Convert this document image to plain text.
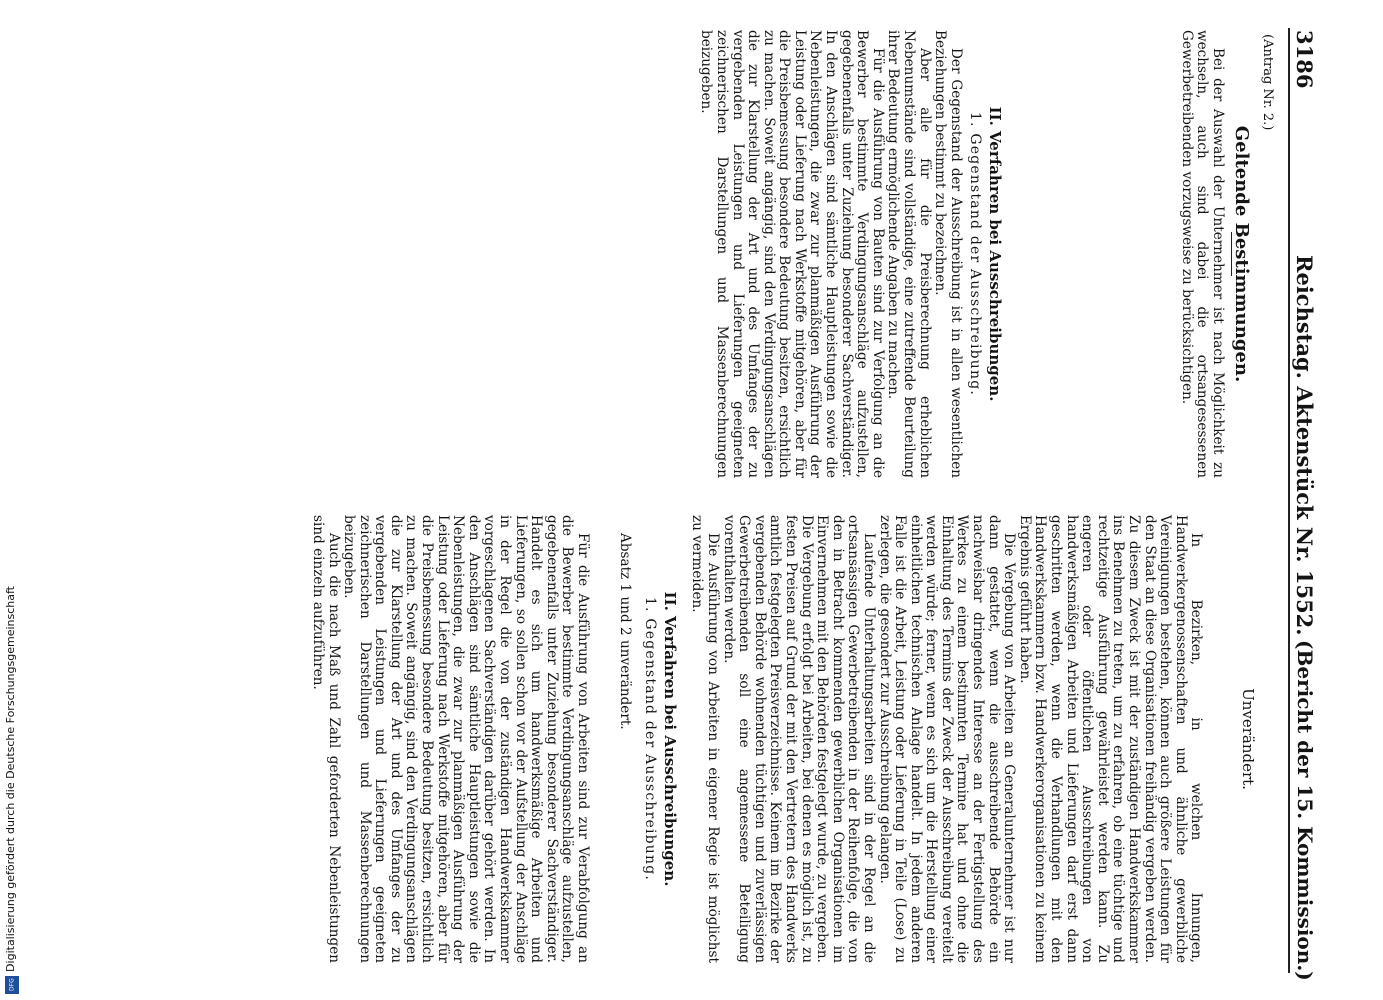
3186
Reichstag. Aktenstück Nr. 1552.
(Bericht der 15. Kommission.)
(Antrag Nr. 2.)
Geltende Bestimmungen.

Bei der Auswahl der Unternehmer ist nach Möglichkeit zu wechseln, auch sind dabei die ortsangesessenen Gewerbetreibenden vorzugsweise zu berücksichtigen.

II. Verfahren bei Ausschreibungen.
1. Gegenstand der Ausschreibung.

Der Gegenstand der Ausschreibung ist in allen wesentlichen Beziehungen bestimmt zu bezeichnen.

Aber alle für die Preisberechnung erheblichen Nebenumstände sind vollständige, eine zutreffende Beurteilung ihrer Bedeutung ermöglichende Angaben zu machen.

Für die Ausführung von Bauten sind zur Verfolgung an die Bewerber bestimmte Verdingungsanschläge aufzustellen, gegebenenfalls unter Zuziehung besonderer Sachverständiger. In den Anschlägen sind sämtliche Hauptleistungen sowie die Nebenleistungen, die zwar zur planmäßigen Ausführung der Leistung oder Lieferung nach Werkstoffe mitgehören, aber für die Preisbemessung besondere Bedeutung besitzen, ersichtlich zu machen. Soweit angängig, sind den Verdingungsanschlägen die zur Klarstellung der Art und des Umfanges der zu vergebenden Leistungen und Lieferungen geeigneten zeichnerischen Darstellungen und Massenberechnungen beizugeben.

Unverändert.

In Bezirken, in welchen Innungen, Handwerkergenossenschaften und ähnliche gewerbliche Vereinigungen bestehen, können auch größere Leistungen für den Staat an diese Organisationen freihändig vergeben werden. Zu diesem Zweck ist mit der zuständigen Handwerkskammer ins Benehmen zu treten, um zu erfahren, ob eine tüchtige und rechtzeitige Ausführung gewährleistet werden kann. Zu engeren oder öffentlichen Ausschreibungen von handwerksmäßigen Arbeiten und Lieferungen darf erst dann geschritten werden, wenn die Verhandlungen mit den Handwerkskammern bzw. Handwerkerorganisationen zu keinem Ergebnis geführt haben.

Die Vergebung von Arbeiten an Generalunternehmer ist nur dann gestattet, wenn die ausschreibende Behörde ein nachweisbar dringendes Interesse an der Fertigstellung des Werkes zu einem bestimmten Termine hat und ohne die Einhaltung des Termins der Zweck der Ausschreibung vereitelt werden würde; ferner, wenn es sich um die Herstellung einer einheitlichen technischen Anlage handelt. In jedem anderen Falle ist die Arbeit, Leistung oder Lieferung in Teile (Lose) zu zerlegen, die gesondert zur Ausschreibung gelangen.

Laufende Unterhaltungsarbeiten sind in der Regel an die ortsansässigen Gewerbetreibenden in der Reihenfolge, die von den in Betracht kommenden gewerblichen Organisationen im Einvernehmen mit den Behörden festgelegt wurde, zu vergeben. Die Vergebung erfolgt bei Arbeiten, bei denen es möglich ist, zu festen Preisen auf Grund der mit den Vertretern des Handwerks amtlich festgelegten Preisverzeichnisse. Keinem im Bezirke der vergebenden Behörde wohnenden tüchtigen und zuverlässigen Gewerbetreibenden soll eine angemessene Beteiligung vorenthalten werden.

Die Ausführung von Arbeiten in eigener Regie ist möglichst zu vermeiden.

II. Verfahren bei Ausschreibungen.
1. Gegenstand der Ausschreibung.

Absatz 1 und 2 unverändert.

Für die Ausführung von Arbeiten sind zur Verabfolgung an die Bewerber bestimmte Verdingungsanschläge aufzustellen, gegebenenfalls unter Zuziehung besonderer Sachverständiger. Handelt es sich um handwerksmäßige Arbeiten und Lieferungen, so sollen schon vor der Aufstellung der Anschläge in der Regel die von der zuständigen Handwerkskammer vorgeschlagenen Sachverständigen darüber gehört werden. In den Anschlägen sind sämtliche Hauptleistungen sowie die Nebenleistungen, die zwar zur planmäßigen Ausführung der Leistung oder Lieferung nach Werkstoffe mitgehören, aber für die Preisbemessung besondere Bedeutung besitzen, ersichtlich zu machen. Soweit angängig, sind den Verdingungsanschlägen die zur Klarstellung der Art und des Umfanges der zu vergebenden Leistungen und Lieferungen geeigneten zeichnerischen Darstellungen und Massenberechnungen beizugeben.

Auch die nach Maß und Zahl geforderten Nebenleistungen sind einzeln aufzuführen.

Digitalisierung gefördert durch die Deutsche Forschungsgemeinschaft
DFG
